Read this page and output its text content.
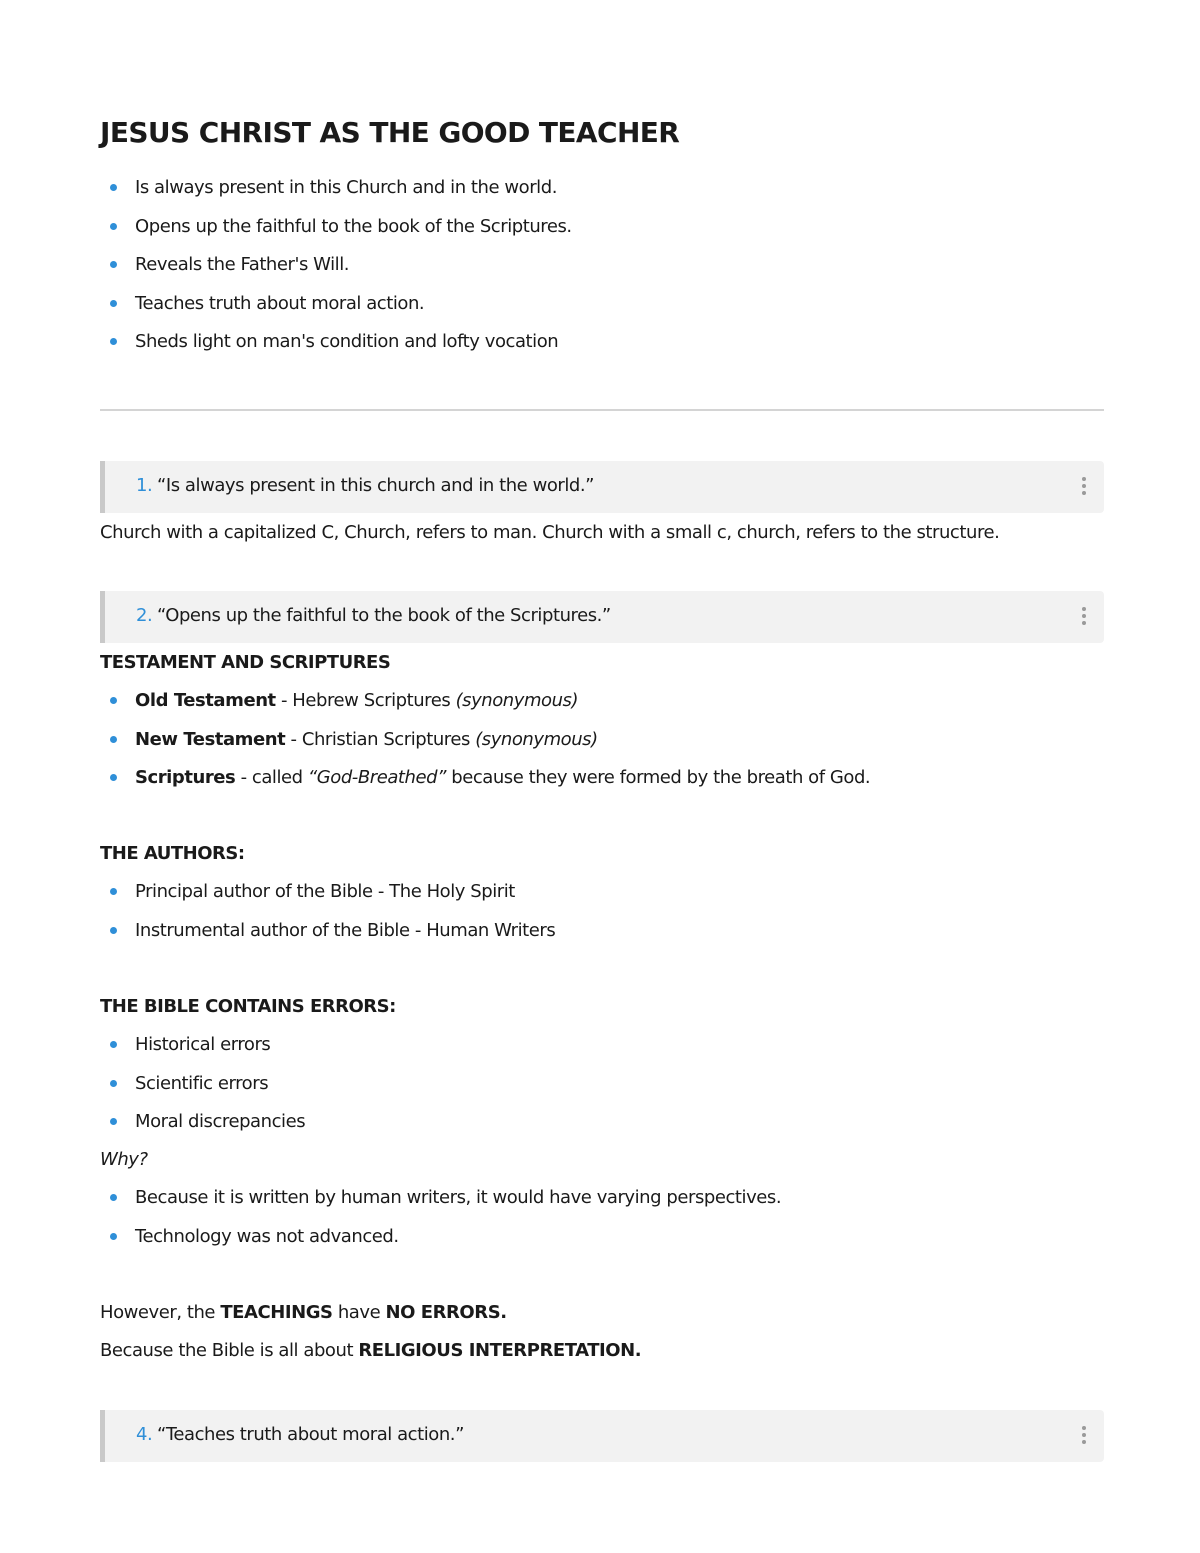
JESUS CHRIST AS THE GOOD TEACHER
Is always present in this Church and in the world.
Opens up the faithful to the book of the Scriptures.
Reveals the Father's Will.
Teaches truth about moral action.
Sheds light on man's condition and lofty vocation
1. “Is always present in this church and in the world.”

Church with a capitalized C, Church, refers to man. Church with a small c, church, refers to the structure.

2. “Opens up the faithful to the book of the Scriptures.”

TESTAMENT AND SCRIPTURES

Old Testament - Hebrew Scriptures (synonymous)
New Testament - Christian Scriptures (synonymous)
Scriptures - called “God-Breathed” because they were formed by the breath of God.

THE AUTHORS:

Principal author of the Bible - The Holy Spirit
Instrumental author of the Bible - Human Writers

THE BIBLE CONTAINS ERRORS:

Historical errors
Scientific errors
Moral discrepancies

Why?

Because it is written by human writers, it would have varying perspectives.
Technology was not advanced.

However, the TEACHINGS have NO ERRORS.

Because the Bible is all about RELIGIOUS INTERPRETATION.

4. “Teaches truth about moral action.”
